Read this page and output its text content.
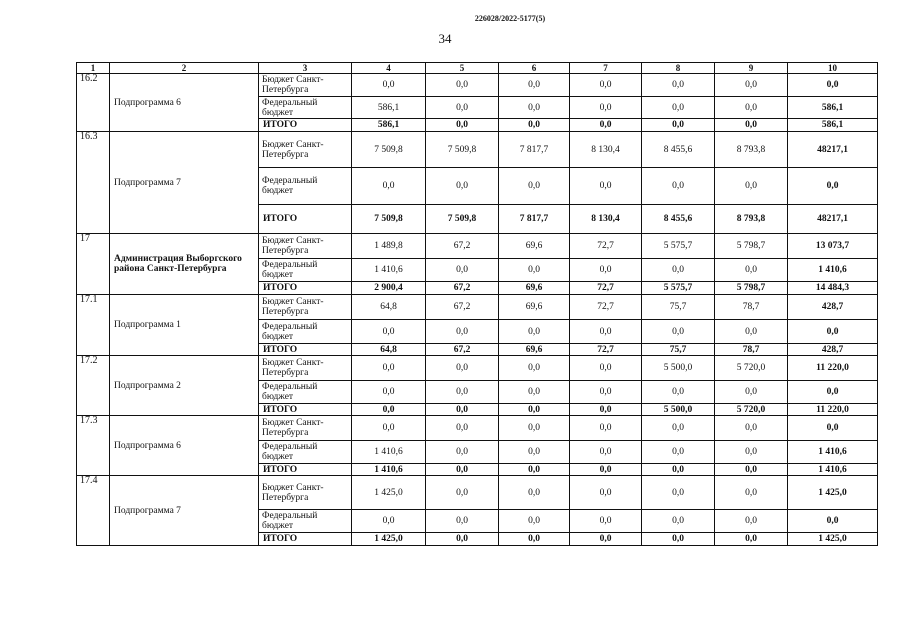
226028/2022-5177(5)
34
1	2	3	4	5	6	7	8	9	10
16.2	Подпрограмма 6	Бюджет Санкт-Петербурга	0,0	0,0	0,0	0,0	0,0	0,0	0,0
		Федеральный бюджет	586,1	0,0	0,0	0,0	0,0	0,0	586,1
		ИТОГО	586,1	0,0	0,0	0,0	0,0	0,0	586,1
16.3	Подпрограмма 7	Бюджет Санкт-Петербурга	7 509,8	7 509,8	7 817,7	8 130,4	8 455,6	8 793,8	48217,1
		Федеральный бюджет	0,0	0,0	0,0	0,0	0,0	0,0	0,0
		ИТОГО	7 509,8	7 509,8	7 817,7	8 130,4	8 455,6	8 793,8	48217,1
17	Администрация Выборгского района Санкт-Петербурга	Бюджет Санкт-Петербурга	1 489,8	67,2	69,6	72,7	5 575,7	5 798,7	13 073,7
		Федеральный бюджет	1 410,6	0,0	0,0	0,0	0,0	0,0	1 410,6
		ИТОГО	2 900,4	67,2	69,6	72,7	5 575,7	5 798,7	14 484,3
17.1	Подпрограмма 1	Бюджет Санкт-Петербурга	64,8	67,2	69,6	72,7	75,7	78,7	428,7
		Федеральный бюджет	0,0	0,0	0,0	0,0	0,0	0,0	0,0
		ИТОГО	64,8	67,2	69,6	72,7	75,7	78,7	428,7
17.2	Подпрограмма 2	Бюджет Санкт-Петербурга	0,0	0,0	0,0	0,0	5 500,0	5 720,0	11 220,0
		Федеральный бюджет	0,0	0,0	0,0	0,0	0,0	0,0	0,0
		ИТОГО	0,0	0,0	0,0	0,0	5 500,0	5 720,0	11 220,0
17.3	Подпрограмма 6	Бюджет Санкт-Петербурга	0,0	0,0	0,0	0,0	0,0	0,0	0,0
		Федеральный бюджет	1 410,6	0,0	0,0	0,0	0,0	0,0	1 410,6
		ИТОГО	1 410,6	0,0	0,0	0,0	0,0	0,0	1 410,6
17.4	Подпрограмма 7	Бюджет Санкт-Петербурга	1 425,0	0,0	0,0	0,0	0,0	0,0	1 425,0
		Федеральный бюджет	0,0	0,0	0,0	0,0	0,0	0,0	0,0
		ИТОГО	1 425,0	0,0	0,0	0,0	0,0	0,0	1 425,0
